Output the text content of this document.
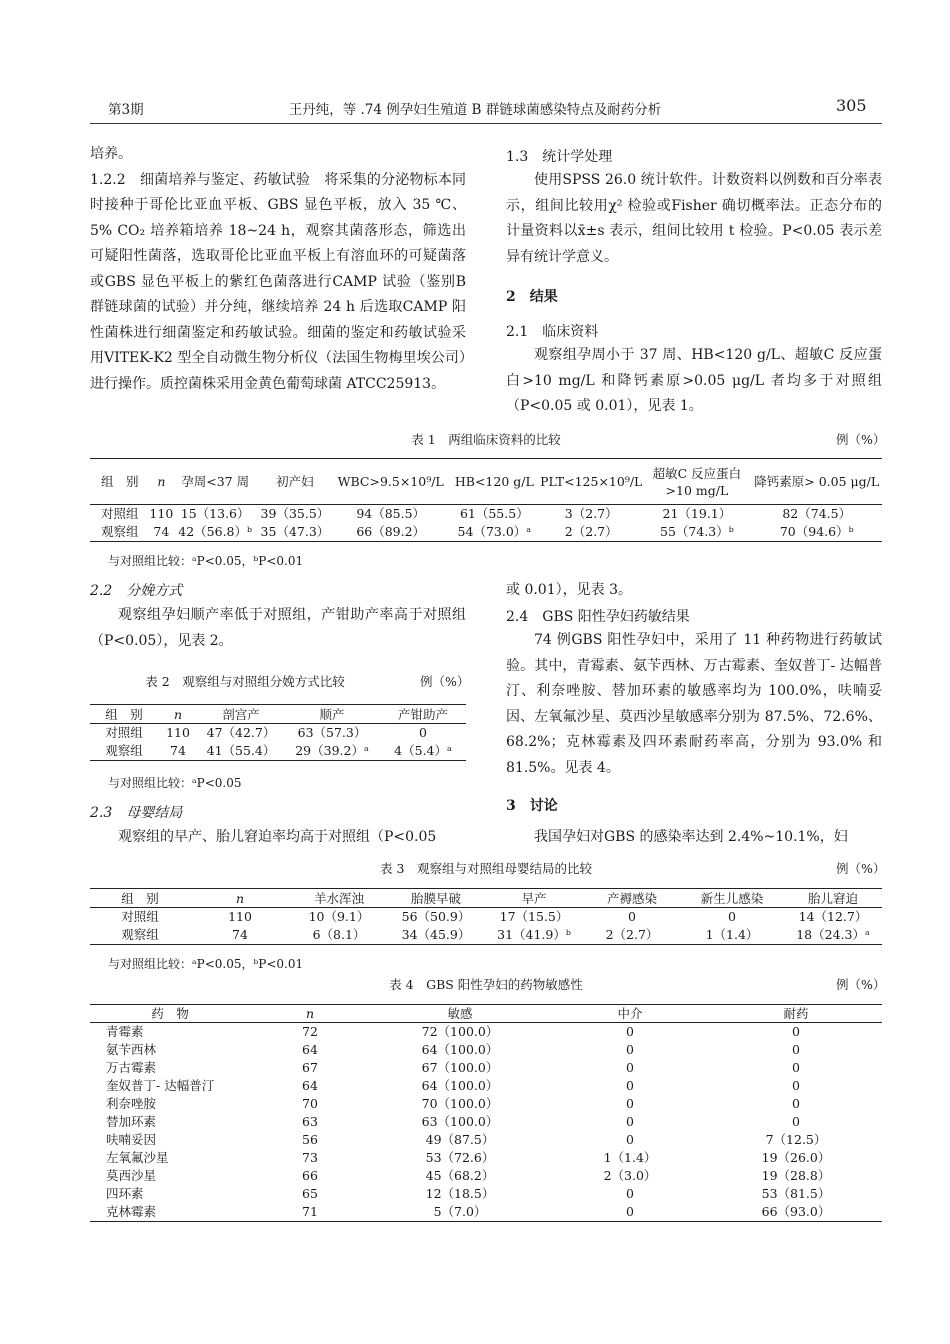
第3期	王丹纯，等 .74 例孕妇生殖道 B 群链球菌感染特点及耐药分析	305

培养。

1.2.2　细菌培养与鉴定、药敏试验　将采集的分泌物标本同时接种于哥伦比亚血平板、GBS 显色平板，放入 35 ℃、5% CO₂ 培养箱培养 18~24 h，观察其菌落形态，筛选出可疑阳性菌落，选取哥伦比亚血平板上有溶血环的可疑菌落或GBS 显色平板上的紫红色菌落进行CAMP 试验（鉴别B 群链球菌的试验）并分纯，继续培养 24 h 后选取CAMP 阳性菌株进行细菌鉴定和药敏试验。细菌的鉴定和药敏试验采用VITEK-K2 型全自动微生物分析仪（法国生物梅里埃公司）进行操作。质控菌株采用金黄色葡萄球菌 ATCC25913。

1.3　统计学处理
使用SPSS 26.0 统计软件。计数资料以例数和百分率表示，组间比较用χ² 检验或Fisher 确切概率法。正态分布的计量资料以x̄±s 表示，组间比较用 t 检验。P<0.05 表示差异有统计学意义。
2　结果
2.1　临床资料
观察组孕周小于 37 周、HB<120 g/L、超敏C 反应蛋白>10 mg/L 和降钙素原>0.05 μg/L 者均多于对照组（P<0.05 或 0.01），见表 1。
表 1　两组临床资料的比较	例（%）
组　别	n	孕周<37 周	初产妇	WBC>9.5×10⁹/L	HB<120 g/L	PLT<125×10⁹/L	超敏C 反应蛋白>10 mg/L	降钙素原> 0.05 μg/L
对照组	110	15（13.6）	39（35.5）	94（85.5）	61（55.5）	3（2.7）	21（19.1）	82（74.5）
观察组	74	42（56.8）ᵇ	35（47.3）	66（89.2）	54（73.0）ᵃ	2（2.7）	55（74.3）ᵇ	70（94.6）ᵇ
与对照组比较：ᵃP<0.05，ᵇP<0.01
2.2　分娩方式
观察组孕妇顺产率低于对照组，产钳助产率高于对照组（P<0.05），见表 2。
表 2　观察组与对照组分娩方式比较	例（%）
组　别	n	剖宫产	顺产	产钳助产
对照组	110	47（42.7）	63（57.3）	0
观察组	74	41（55.4）	29（39.2）ᵃ	4（5.4）ᵃ
与对照组比较：ᵃP<0.05
2.3　母婴结局
观察组的早产、胎儿窘迫率均高于对照组（P<0.05
或 0.01），见表 3。
2.4　GBS 阳性孕妇药敏结果
74 例GBS 阳性孕妇中，采用了 11 种药物进行药敏试验。其中，青霉素、氨苄西林、万古霉素、奎奴普丁- 达幅普汀、利奈唑胺、替加环素的敏感率均为 100.0%，呋喃妥因、左氧氟沙星、莫西沙星敏感率分别为 87.5%、72.6%、68.2%；克林霉素及四环素耐药率高，分别为 93.0% 和 81.5%。见表 4。
3　讨论
我国孕妇对GBS 的感染率达到 2.4%~10.1%，妇
表 3　观察组与对照组母婴结局的比较	例（%）
组　别	n	羊水浑浊	胎膜早破	早产	产褥感染	新生儿感染	胎儿窘迫
对照组	110	10（9.1）	56（50.9）	17（15.5）	0	0	14（12.7）
观察组	74	6（8.1）	34（45.9）	31（41.9）ᵇ	2（2.7）	1（1.4）	18（24.3）ᵃ
与对照组比较：ᵃP<0.05，ᵇP<0.01
表 4　GBS 阳性孕妇的药物敏感性	例（%）
药　物	n	敏感	中介	耐药
青霉素	72	72（100.0）	0	0
氨苄西林	64	64（100.0）	0	0
万古霉素	67	67（100.0）	0	0
奎奴普丁- 达幅普汀	64	64（100.0）	0	0
利奈唑胺	70	70（100.0）	0	0
替加环素	63	63（100.0）	0	0
呋喃妥因	56	49（87.5）	0	7（12.5）
左氧氟沙星	73	53（72.6）	1（1.4）	19（26.0）
莫西沙星	66	45（68.2）	2（3.0）	19（28.8）
四环素	65	12（18.5）	0	53（81.5）
克林霉素	71	5（7.0）	0	66（93.0）
